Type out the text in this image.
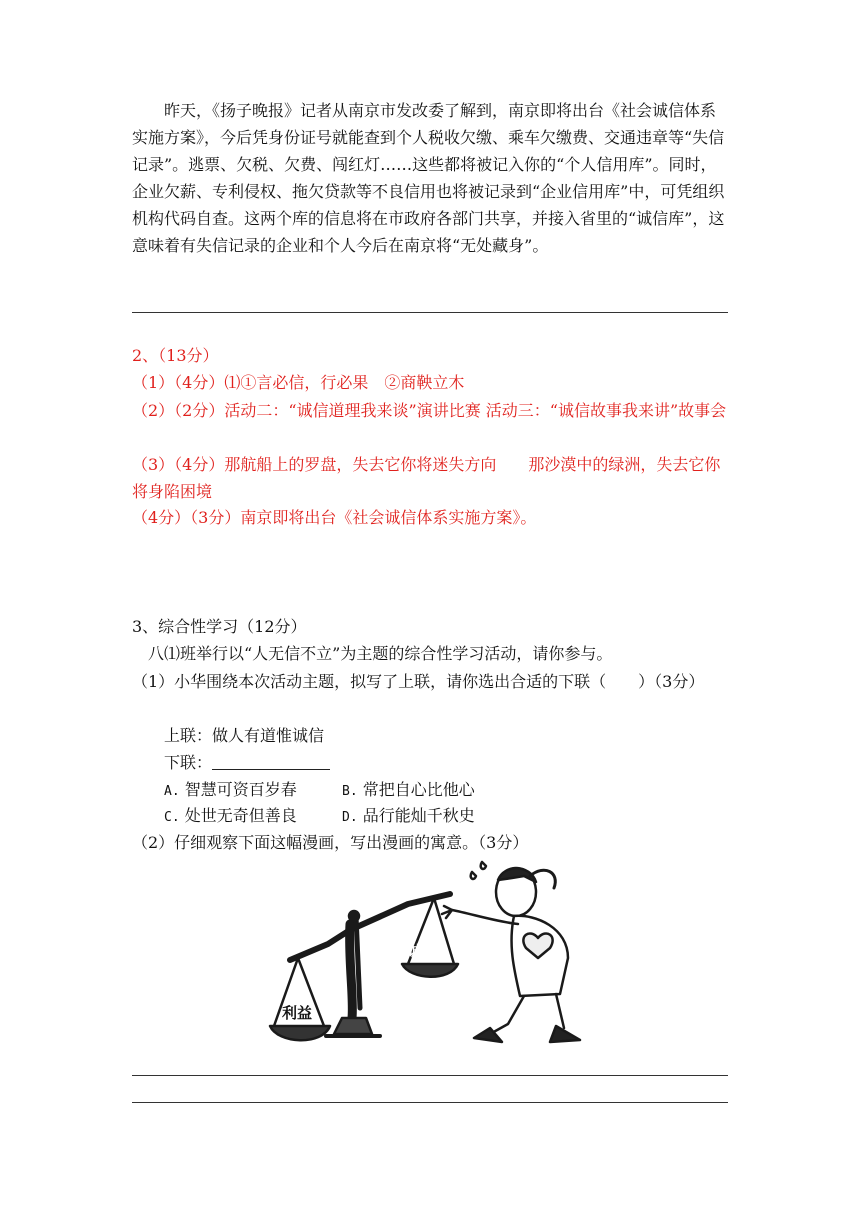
昨天，《扬子晚报》记者从南京市发改委了解到，南京即将出台《社会诚信体系实施方案》，今后凭身份证号就能查到个人税收欠缴、乘车欠缴费、交通违章等“失信记录”。逃票、欠税、欠费、闯红灯……这些都将被记入你的“个人信用库”。同时，企业欠薪、专利侵权、拖欠贷款等不良信用也将被记录到“企业信用库”中，可凭组织机构代码自查。这两个库的信息将在市政府各部门共享，并接入省里的“诚信库”，这意味着有失信记录的企业和个人今后在南京将“无处藏身”。

2、（13分）
（1）（4分）⑴①言必信，行必果　②商鞅立木

（2）（2分）活动二：“诚信道理我来谈”演讲比赛 活动三：“诚信故事我来讲”故事会

（3）（4分）那航船上的罗盘，失去它你将迷失方向　　那沙漠中的绿洲，失去它你将身陷困境

（4分）（3分）南京即将出台《社会诚信体系实施方案》。
3、综合性学习（12分）
八⑴班举行以“人无信不立”为主题的综合性学习活动，请你参与。

（1）小华围绕本次活动主题，拟写了上联，请你选出合适的下联（　　）（3分）

上联：做人有道惟诚信
下联：
A. 智慧可资百岁春	B. 常把自心比他心
C. 处世无奇但善良	D. 品行能灿千秋史
（2）仔细观察下面这幅漫画，写出漫画的寓意。（3分）
利益
诚信
